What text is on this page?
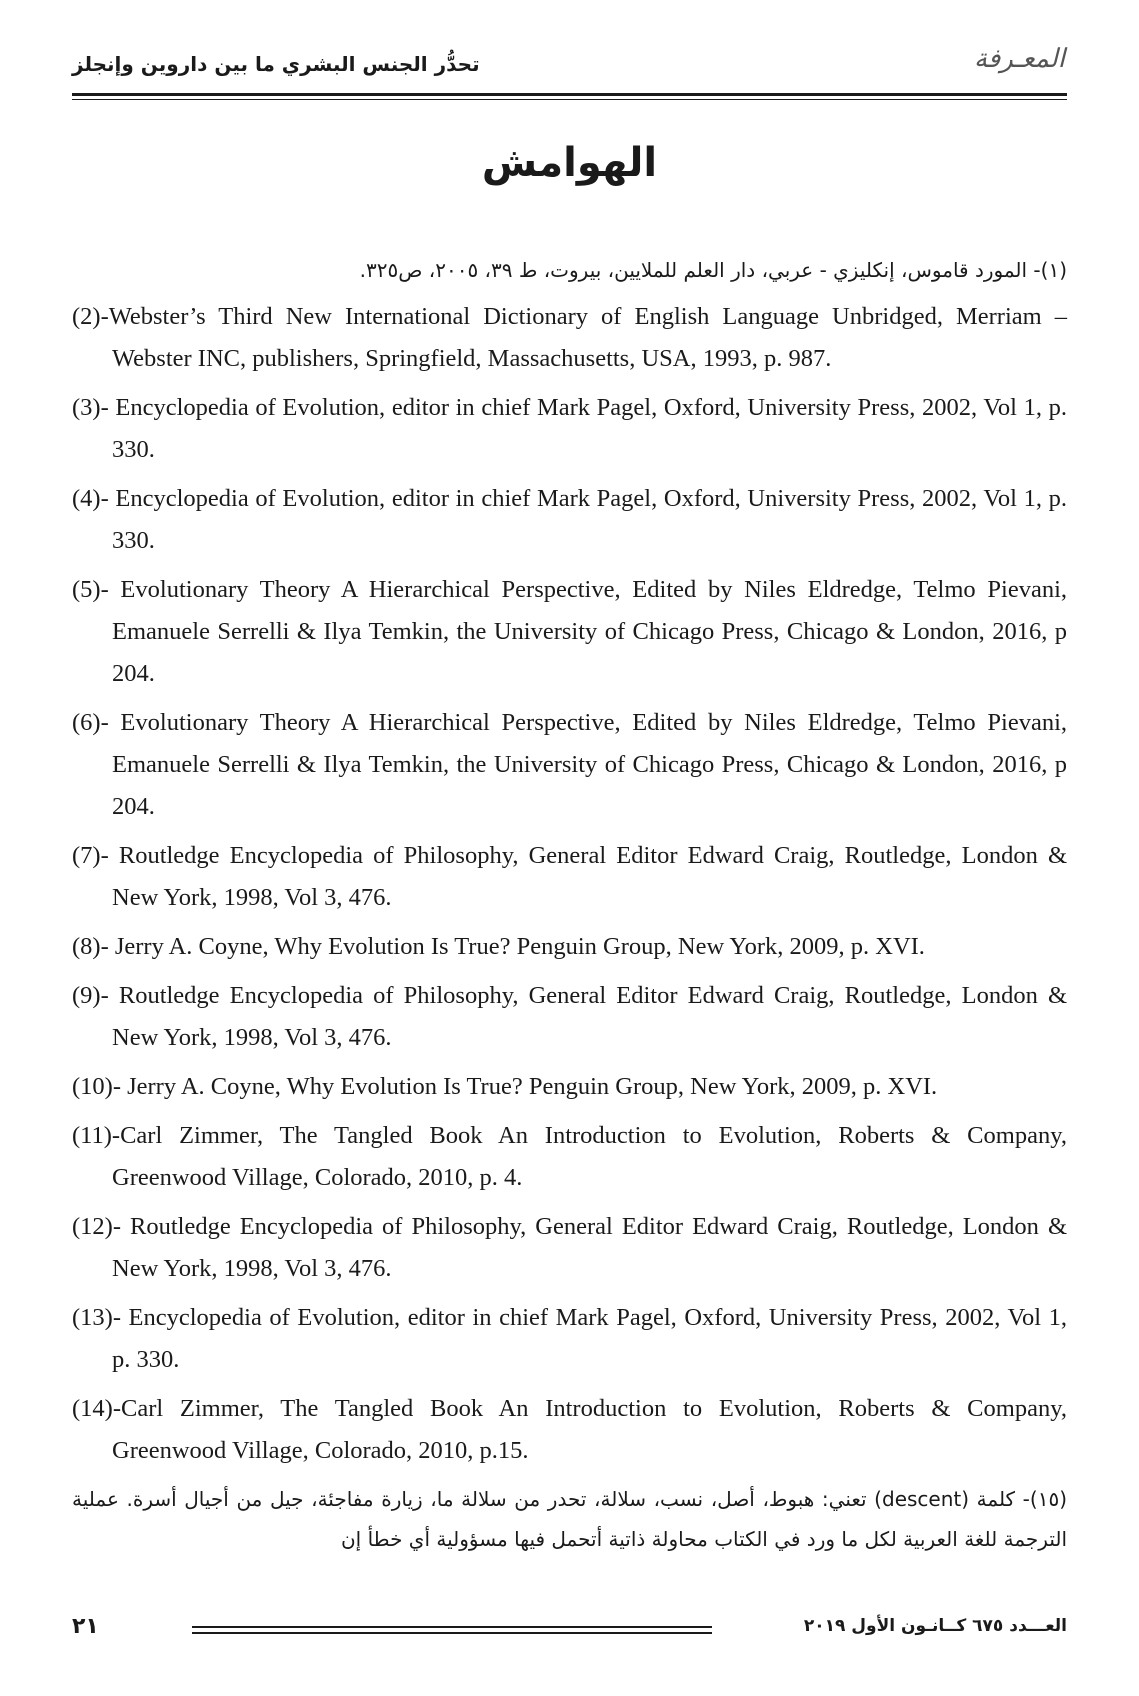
تحدُّر الجنس البشري ما بين داروين وإنجلز	المعـرفة
الهوامش

(١)- المورد قاموس، إنكليزي - عربي، دار العلم للملايين، بيروت، ط ٣٩، ٢٠٠٥، ص٣٢٥.

(2)-Webster’s Third New International Dictionary of English Language Unbridged, Merriam – Webster INC, publishers, Springfield, Massachusetts, USA, 1993, p. 987.

(3)- Encyclopedia of Evolution, editor in chief Mark Pagel, Oxford, University Press, 2002, Vol 1, p. 330.

(4)- Encyclopedia of Evolution, editor in chief Mark Pagel, Oxford, University Press, 2002, Vol 1, p. 330.

(5)- Evolutionary Theory A Hierarchical Perspective, Edited by Niles Eldredge, Telmo Pievani, Emanuele Serrelli & Ilya Temkin, the University of Chicago Press, Chicago & London, 2016, p 204.

(6)- Evolutionary Theory A Hierarchical Perspective, Edited by Niles Eldredge, Telmo Pievani, Emanuele Serrelli & Ilya Temkin, the University of Chicago Press, Chicago & London, 2016, p 204.

(7)- Routledge Encyclopedia of Philosophy, General Editor Edward Craig, Routledge, London & New York, 1998, Vol 3, 476.

(8)- Jerry A. Coyne, Why Evolution Is True? Penguin Group, New York, 2009, p. XVI.

(9)- Routledge Encyclopedia of Philosophy, General Editor Edward Craig, Routledge, London & New York, 1998, Vol 3, 476.

(10)- Jerry A. Coyne, Why Evolution Is True? Penguin Group, New York, 2009, p. XVI.

(11)-Carl Zimmer, The Tangled Book An Introduction to Evolution, Roberts & Company, Greenwood Village, Colorado, 2010, p. 4.

(12)- Routledge Encyclopedia of Philosophy, General Editor Edward Craig, Routledge, London & New York, 1998, Vol 3, 476.

(13)- Encyclopedia of Evolution, editor in chief Mark Pagel, Oxford, University Press, 2002, Vol 1, p. 330.

(14)-Carl Zimmer, The Tangled Book An Introduction to Evolution, Roberts & Company, Greenwood Village, Colorado, 2010, p.15.

(١٥)- كلمة (descent) تعني: هبوط، أصل، نسب، سلالة، تحدر من سلالة ما، زيارة مفاجئة، جيل من أجيال أسرة. عملية الترجمة للغة العربية لكل ما ورد في الكتاب محاولة ذاتية أتحمل فيها مسؤولية أي خطأ إن

٢١	العـــدد ٦٧٥ كــانـون الأول ٢٠١٩
